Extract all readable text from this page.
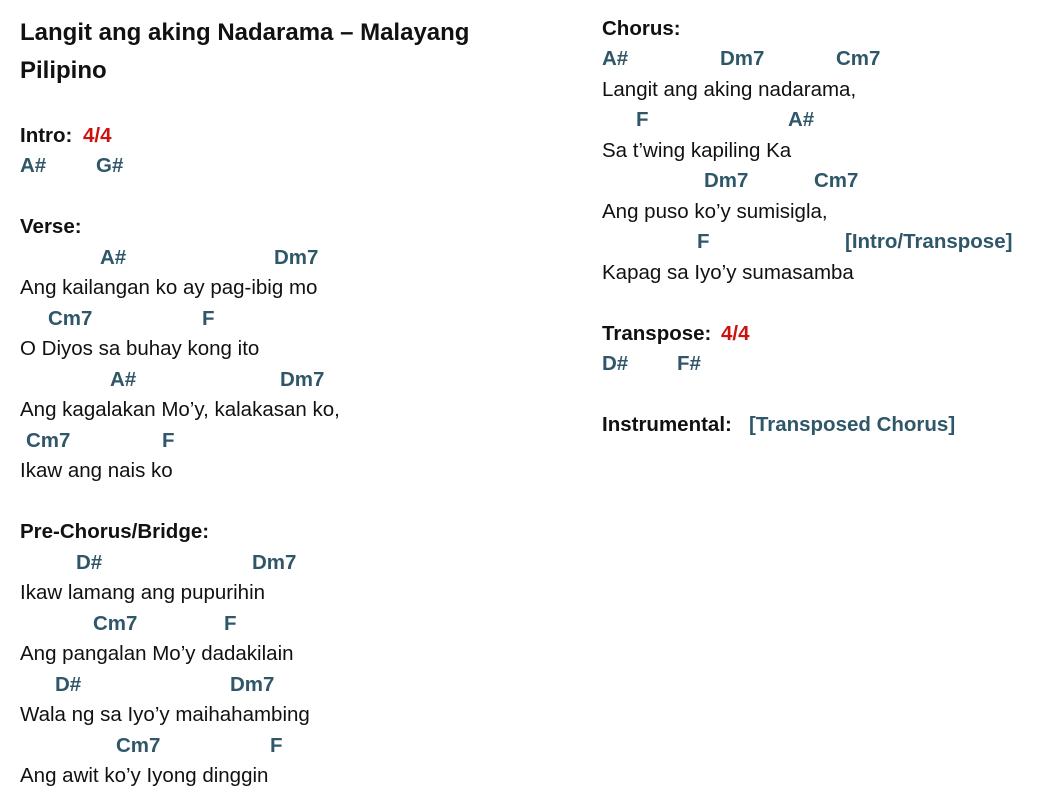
Langit ang aking Nadarama – Malayang Pilipino
Intro: 4/4
A# G#
Verse:
A#	Dm7
Ang kailangan ko ay pag-ibig mo
Cm7	F
O Diyos sa buhay kong ito
A#	Dm7
Ang kagalakan Mo’y, kalakasan ko,
Cm7	F
Ikaw ang nais ko
Pre-Chorus/Bridge:
D#	Dm7
Ikaw lamang ang pupurihin
Cm7	F
Ang pangalan Mo’y dadakilain
D#	Dm7
Wala ng sa Iyo’y maihahambing
Cm7	F
Ang awit ko’y Iyong dinggin
Chorus:
A#	Dm7	Cm7
Langit ang aking nadarama,
F	A#
Sa t’wing kapiling Ka
Dm7	Cm7
Ang puso ko’y sumisigla,
F	[Intro/Transpose]
Kapag sa Iyo’y sumasamba
Transpose: 4/4
D# F#
Instrumental: [Transposed Chorus]
